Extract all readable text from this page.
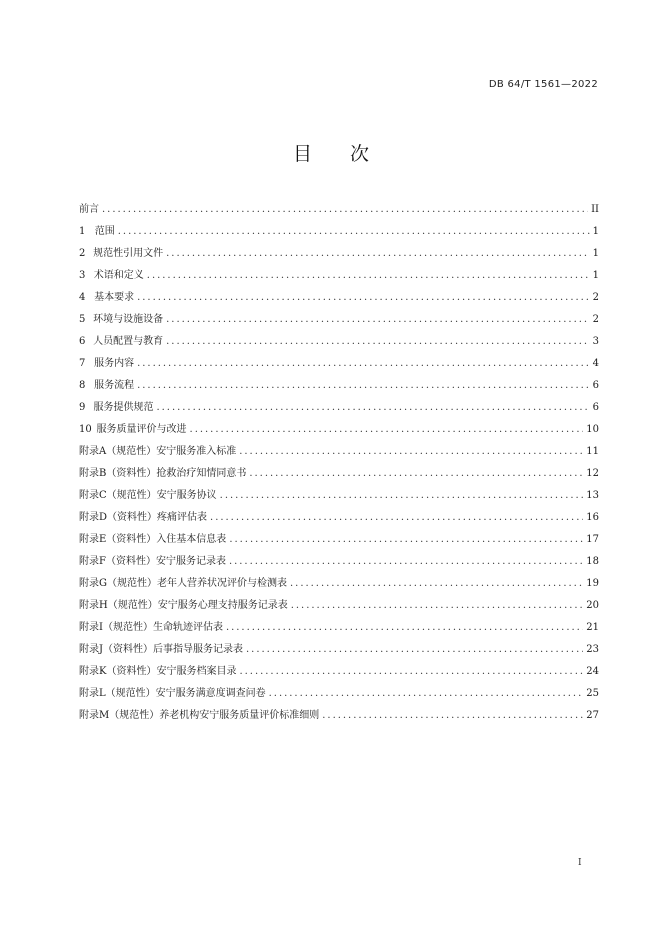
DB 64/T 1561—2022
目 次
前言 . . .	II
1 范围 . . .	1
2 规范性引用文件 . . .	1
3 术语和定义 . . .	1
4 基本要求 . . .	2
5 环境与设施设备 . . .	2
6 人员配置与教育 . . .	3
7 服务内容 . . .	4
8 服务流程 . . .	6
9 服务提供规范 . . .	6
10 服务质量评价与改进 . . .	10
附录A（规范性） 安宁服务准入标准 . . .	11
附录B（资料性） 抢救治疗知情同意书 . . .	12
附录C（规范性） 安宁服务协议 . . .	13
附录D（资料性） 疼痛评估表 . . .	16
附录E（资料性） 入住基本信息表 . . .	17
附录F（资料性） 安宁服务记录表 . . .	18
附录G（规范性） 老年人营养状况评价与检测表 . . .	19
附录H（规范性） 安宁服务心理支持服务记录表 . . .	20
附录I（规范性） 生命轨迹评估表 . . .	21
附录J（资料性） 后事指导服务记录表 . . .	23
附录K（资料性） 安宁服务档案目录 . . .	24
附录L（规范性） 安宁服务满意度调查问卷 . . .	25
附录M（规范性） 养老机构安宁服务质量评价标准细则 . . .	27
I
